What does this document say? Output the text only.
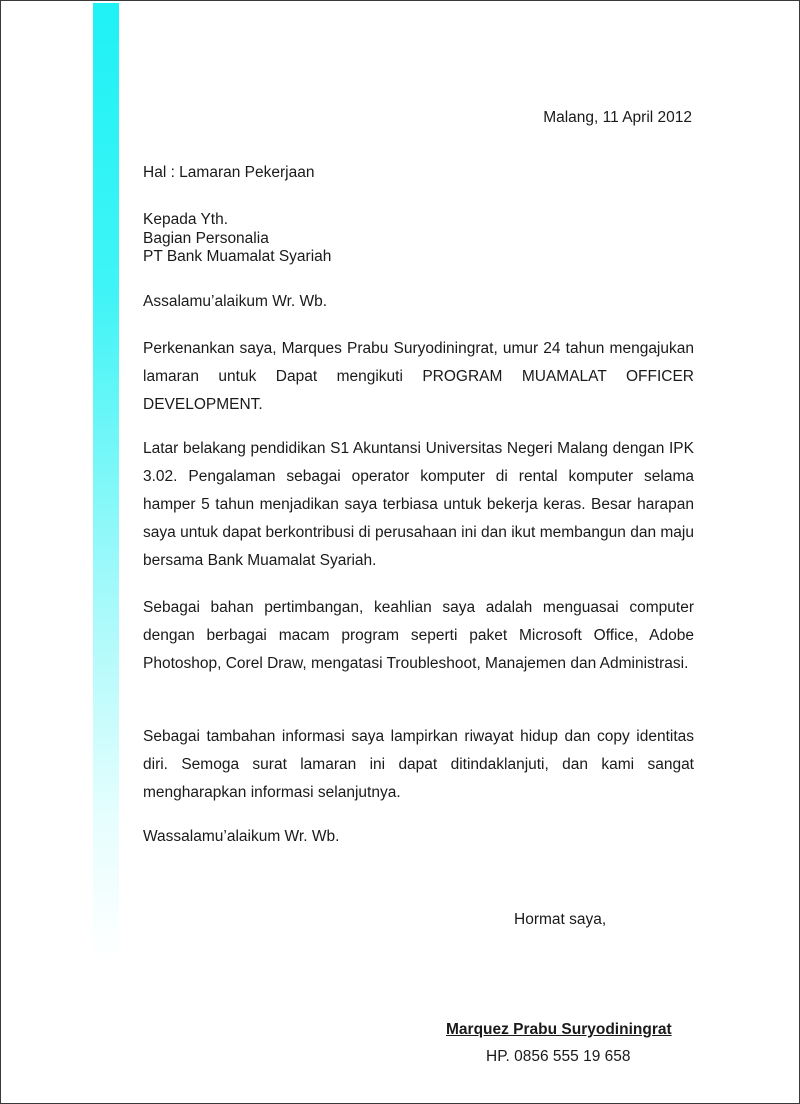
Malang, 11 April 2012
Hal : Lamaran Pekerjaan
Kepada Yth.
Bagian Personalia
PT Bank Muamalat Syariah
Assalamu’alaikum Wr. Wb.
Perkenankan saya, Marques Prabu Suryodiningrat, umur 24 tahun mengajukan lamaran untuk Dapat mengikuti PROGRAM MUAMALAT OFFICER DEVELOPMENT.
Latar belakang pendidikan S1 Akuntansi Universitas Negeri Malang dengan IPK 3.02. Pengalaman sebagai operator komputer di rental komputer selama hamper 5 tahun menjadikan saya terbiasa untuk bekerja keras. Besar harapan saya untuk dapat berkontribusi di perusahaan ini dan ikut membangun dan maju bersama Bank Muamalat Syariah.
Sebagai bahan pertimbangan, keahlian saya adalah menguasai computer dengan berbagai macam program seperti paket Microsoft Office, Adobe Photoshop, Corel Draw, mengatasi Troubleshoot, Manajemen dan Administrasi.
Sebagai tambahan informasi saya lampirkan riwayat hidup dan copy identitas diri. Semoga surat lamaran ini dapat ditindaklanjuti, dan kami sangat mengharapkan informasi selanjutnya.
Wassalamu’alaikum Wr. Wb.
Hormat saya,
Marquez Prabu Suryodiningrat
HP. 0856 555 19 658
